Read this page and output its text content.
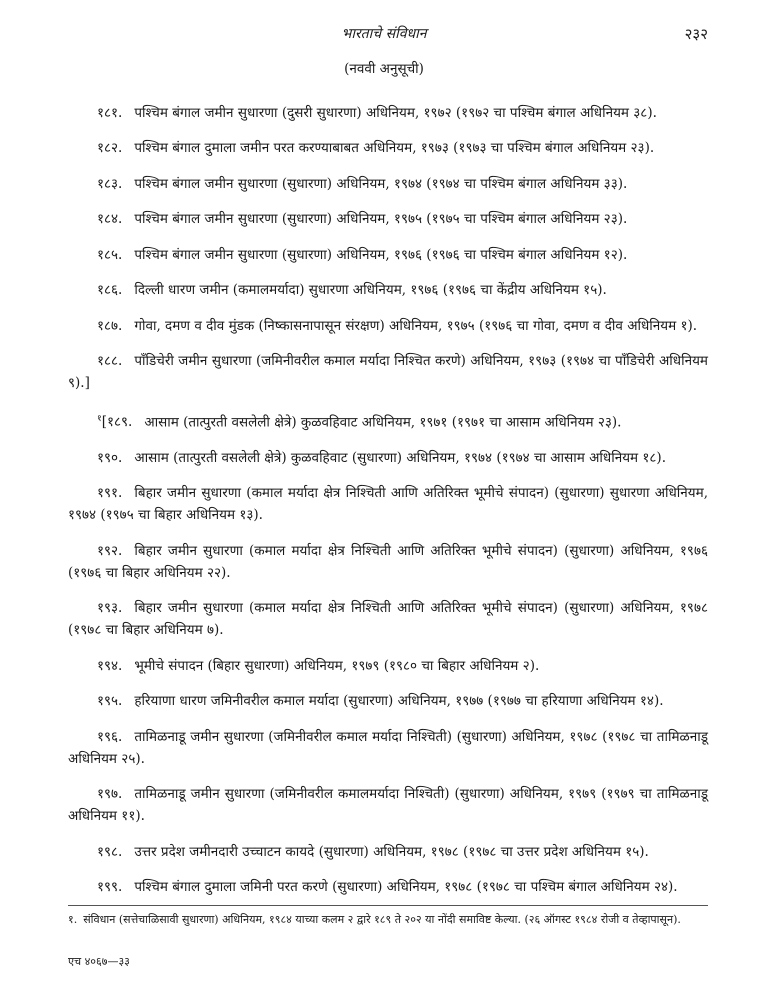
भारताचे संविधान	२३२
(नववी अनुसूची)

१८१. पश्चिम बंगाल जमीन सुधारणा (दुसरी सुधारणा) अधिनियम, १९७२ (१९७२ चा पश्चिम बंगाल अधिनियम ३८).

१८२. पश्चिम बंगाल दुमाला जमीन परत करण्याबाबत अधिनियम, १९७३ (१९७३ चा पश्चिम बंगाल अधिनियम २३).

१८३. पश्चिम बंगाल जमीन सुधारणा (सुधारणा) अधिनियम, १९७४ (१९७४ चा पश्चिम बंगाल अधिनियम ३३).

१८४. पश्चिम बंगाल जमीन सुधारणा (सुधारणा) अधिनियम, १९७५ (१९७५ चा पश्चिम बंगाल अधिनियम २३).

१८५. पश्चिम बंगाल जमीन सुधारणा (सुधारणा) अधिनियम, १९७६ (१९७६ चा पश्चिम बंगाल अधिनियम १२).

१८६. दिल्ली धारण जमीन (कमालमर्यादा) सुधारणा अधिनियम, १९७६ (१९७६ चा केंद्रीय अधिनियम १५).

१८७. गोवा, दमण व दीव मुंडक (निष्कासनापासून संरक्षण) अधिनियम, १९७५ (१९७६ चा गोवा, दमण व दीव अधिनियम १).

१८८. पाँडिचेरी जमीन सुधारणा (जमिनीवरील कमाल मर्यादा निश्चित करणे) अधिनियम, १९७३ (१९७४ चा पाँडिचेरी अधिनियम ९).]

$^१$[१८९. आसाम (तात्पुरती वसलेली क्षेत्रे) कुळवहिवाट अधिनियम, १९७१ (१९७१ चा आसाम अधिनियम २३).

१९०. आसाम (तात्पुरती वसलेली क्षेत्रे) कुळवहिवाट (सुधारणा) अधिनियम, १९७४ (१९७४ चा आसाम अधिनियम १८).

१९१. बिहार जमीन सुधारणा (कमाल मर्यादा क्षेत्र निश्चिती आणि अतिरिक्त भूमीचे संपादन) (सुधारणा) सुधारणा अधिनियम, १९७४ (१९७५ चा बिहार अधिनियम १३).

१९२. बिहार जमीन सुधारणा (कमाल मर्यादा क्षेत्र निश्चिती आणि अतिरिक्त भूमीचे संपादन) (सुधारणा) अधिनियम, १९७६ (१९७६ चा बिहार अधिनियम २२).

१९३. बिहार जमीन सुधारणा (कमाल मर्यादा क्षेत्र निश्चिती आणि अतिरिक्त भूमीचे संपादन) (सुधारणा) अधिनियम, १९७८ (१९७८ चा बिहार अधिनियम ७).

१९४. भूमीचे संपादन (बिहार सुधारणा) अधिनियम, १९७९ (१९८० चा बिहार अधिनियम २).

१९५. हरियाणा धारण जमिनीवरील कमाल मर्यादा (सुधारणा) अधिनियम, १९७७ (१९७७ चा हरियाणा अधिनियम १४).

१९६. तामिळनाडू जमीन सुधारणा (जमिनीवरील कमाल मर्यादा निश्चिती) (सुधारणा) अधिनियम, १९७८ (१९७८ चा तामिळनाडू अधिनियम २५).

१९७. तामिळनाडू जमीन सुधारणा (जमिनीवरील कमालमर्यादा निश्चिती) (सुधारणा) अधिनियम, १९७९ (१९७९ चा तामिळनाडू अधिनियम ११).

१९८. उत्तर प्रदेश जमीनदारी उच्चाटन कायदे (सुधारणा) अधिनियम, १९७८ (१९७८ चा उत्तर प्रदेश अधिनियम १५).

१९९. पश्चिम बंगाल दुमाला जमिनी परत करणे (सुधारणा) अधिनियम, १९७८ (१९७८ चा पश्चिम बंगाल अधिनियम २४).

१. संविधान (सत्तेचाळिसावी सुधारणा) अधिनियम, १९८४ याच्या कलम २ द्वारे १८९ ते २०२ या नोंदी समाविष्ट केल्या. (२६ ऑगस्ट १९८४ रोजी व तेव्हापासून).
एच ४०६७—३३
